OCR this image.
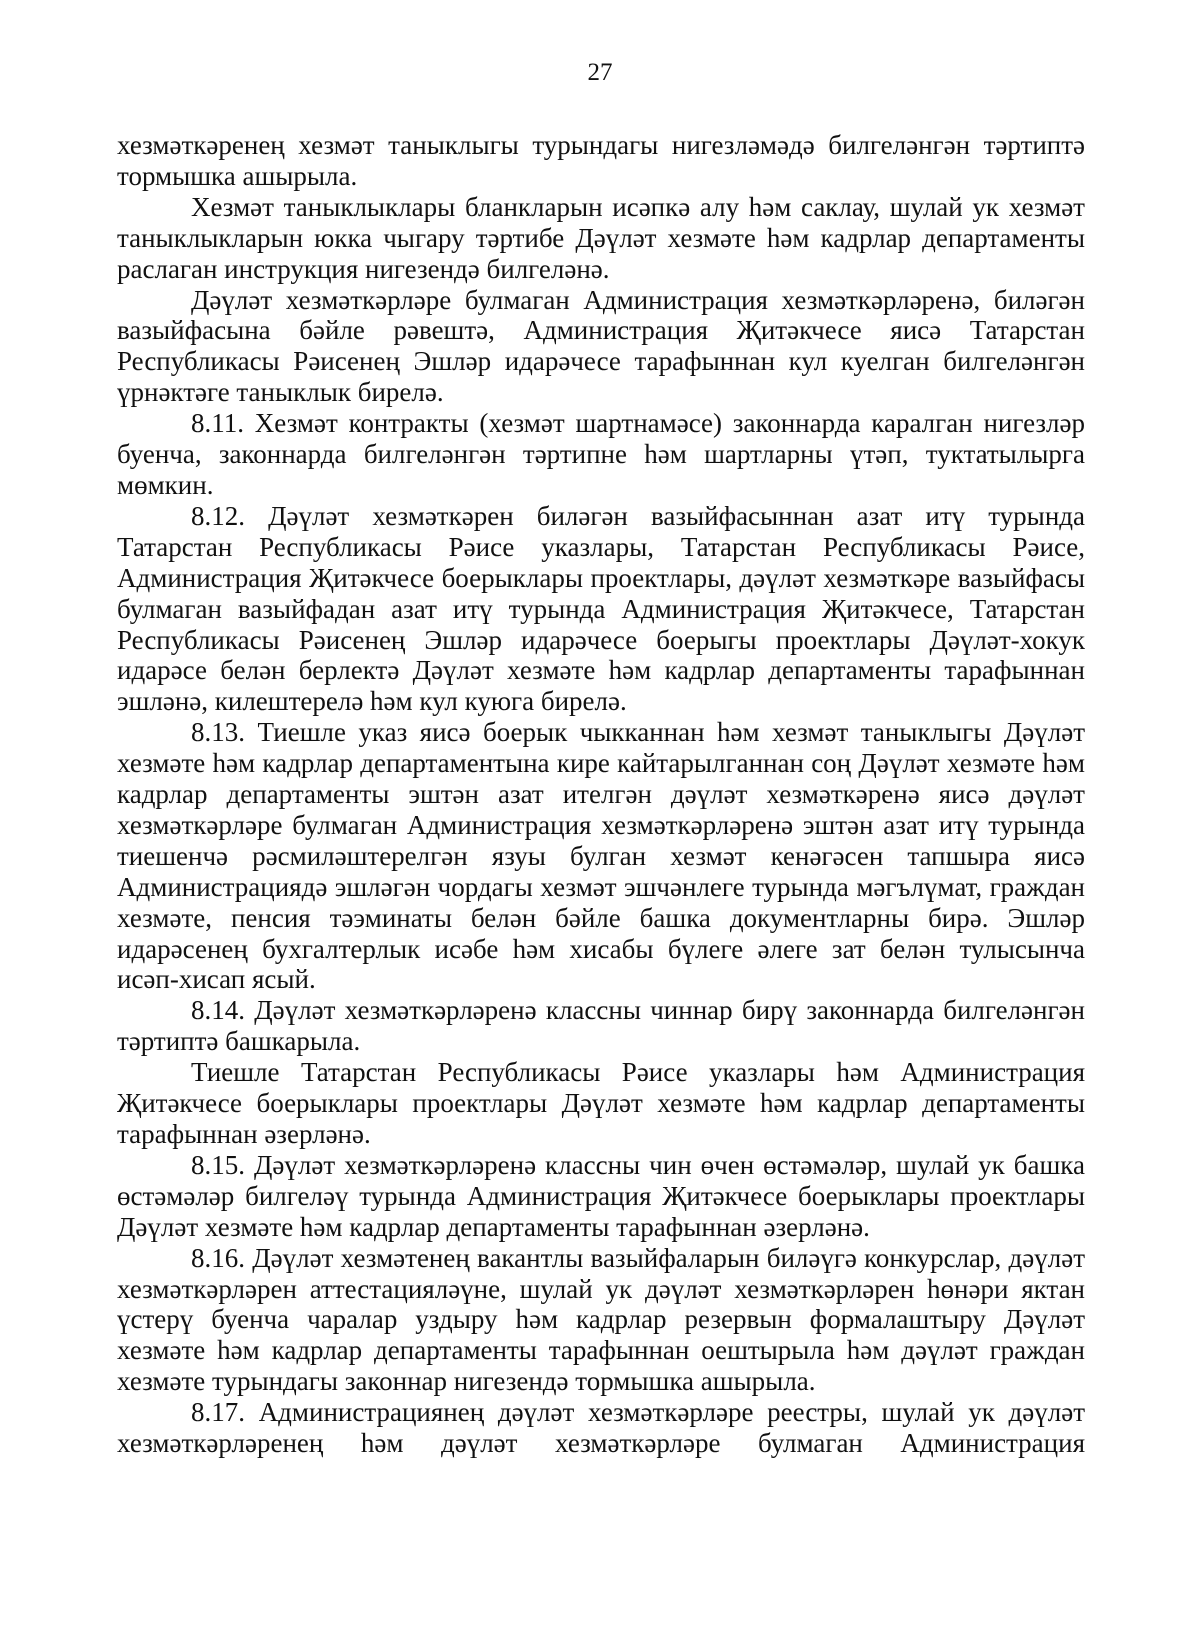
27

хезмәткәренең хезмәт таныклыгы турындагы нигезләмәдә билгеләнгән тәртиптә тормышка ашырыла.

Хезмәт таныклыклары бланкларын исәпкә алу һәм саклау, шулай ук хезмәт таныклыкларын юкка чыгару тәртибе Дәүләт хезмәте һәм кадрлар департаменты раслаган инструкция нигезендә билгеләнә.

Дәүләт хезмәткәрләре булмаган Администрация хезмәткәрләренә, биләгән вазыйфасына бәйле рәвештә, Администрация Җитәкчесе яисә Татарстан Республикасы Рәисенең Эшләр идарәчесе тарафыннан кул куелган билгеләнгән үрнәктәге таныклык бирелә.

8.11. Хезмәт контракты (хезмәт шартнамәсе) законнарда каралган нигезләр буенча, законнарда билгеләнгән тәртипне һәм шартларны үтәп, туктатылырга мөмкин.

8.12. Дәүләт хезмәткәрен биләгән вазыйфасыннан азат итү турында Татарстан Республикасы Рәисе указлары, Татарстан Республикасы Рәисе, Администрация Җитәкчесе боерыклары проектлары, дәүләт хезмәткәре вазыйфасы булмаган вазыйфадан азат итү турында Администрация Җитәкчесе, Татарстан Республикасы Рәисенең Эшләр идарәчесе боерыгы проектлары Дәүләт-хокук идарәсе белән берлектә Дәүләт хезмәте һәм кадрлар департаменты тарафыннан эшләнә, килештерелә һәм кул куюга бирелә.

8.13. Тиешле указ яисә боерык чыкканнан һәм хезмәт таныклыгы Дәүләт хезмәте һәм кадрлар департаментына кире кайтарылганнан соң Дәүләт хезмәте һәм кадрлар департаменты эштән азат ителгән дәүләт хезмәткәренә яисә дәүләт хезмәткәрләре булмаган Администрация хезмәткәрләренә эштән азат итү турында тиешенчә рәсмиләштерелгән язуы булган хезмәт кенәгәсен тапшыра яисә Администрациядә эшләгән чордагы хезмәт эшчәнлеге турында мәгълүмат, граждан хезмәте, пенсия тәэминаты белән бәйле башка документларны бирә. Эшләр идарәсенең бухгалтерлык исәбе һәм хисабы бүлеге әлеге зат белән тулысынча исәп-хисап ясый.

8.14. Дәүләт хезмәткәрләренә классны чиннар бирү законнарда билгеләнгән тәртиптә башкарыла.

Тиешле Татарстан Республикасы Рәисе указлары һәм Администрация Җитәкчесе боерыклары проектлары Дәүләт хезмәте һәм кадрлар департаменты тарафыннан әзерләнә.

8.15. Дәүләт хезмәткәрләренә классны чин өчен өстәмәләр, шулай ук башка өстәмәләр билгеләү турында Администрация Җитәкчесе боерыклары проектлары Дәүләт хезмәте һәм кадрлар департаменты тарафыннан әзерләнә.

8.16. Дәүләт хезмәтенең вакантлы вазыйфаларын биләүгә конкурслар, дәүләт хезмәткәрләрен аттестацияләүне, шулай ук дәүләт хезмәткәрләрен һөнәри яктан үстерү буенча чаралар уздыру һәм кадрлар резервын формалаштыру Дәүләт хезмәте һәм кадрлар департаменты тарафыннан оештырыла һәм дәүләт граждан хезмәте турындагы законнар нигезендә тормышка ашырыла.

8.17. Администрациянең дәүләт хезмәткәрләре реестры, шулай ук дәүләт хезмәткәрләренең һәм дәүләт хезмәткәрләре булмаган Администрация
